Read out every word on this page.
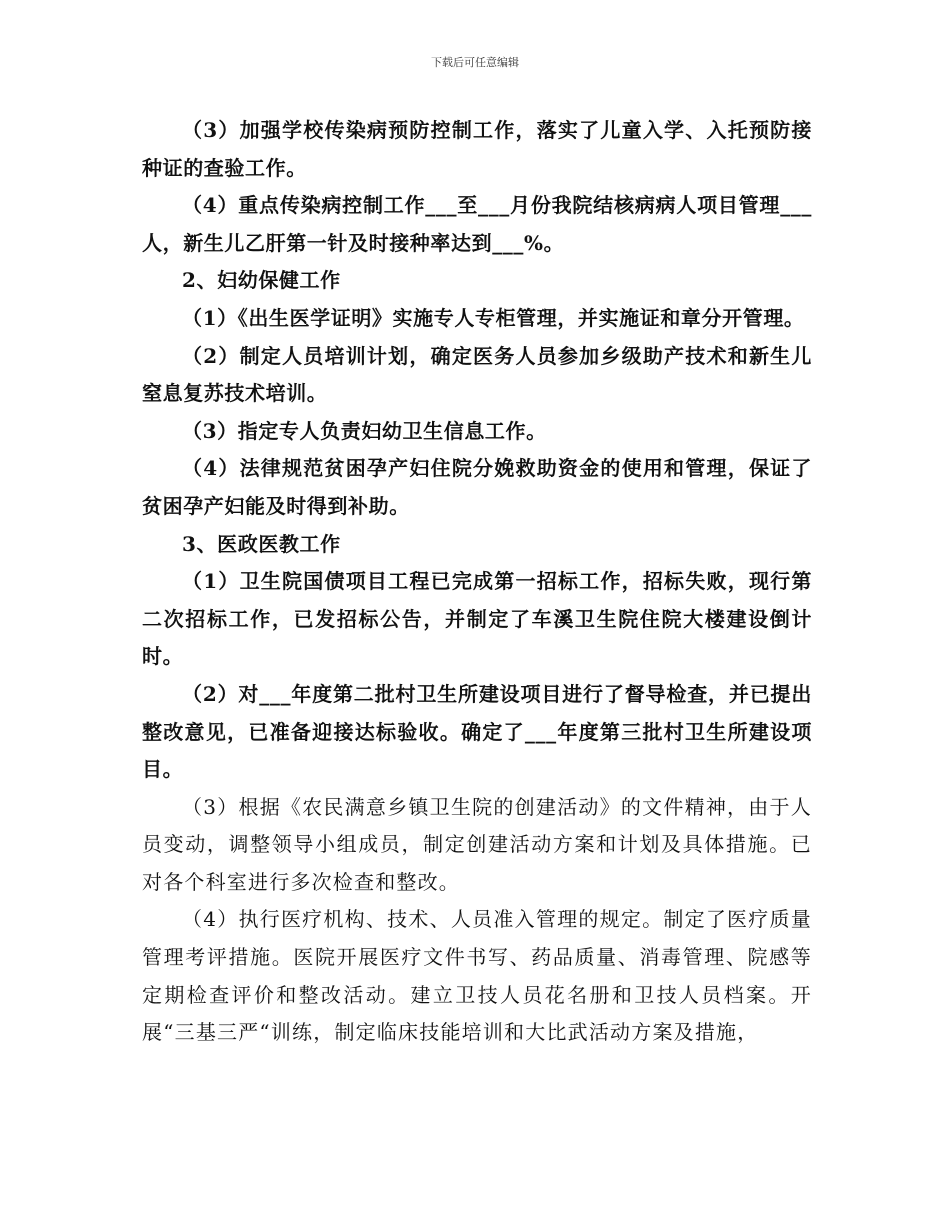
下载后可任意编辑

（3）加强学校传染病预防控制工作，落实了儿童入学、入托预防接种证的查验工作。

（4）重点传染病控制工作___至___月份我院结核病病人项目管理___人，新生儿乙肝第一针及时接种率达到___%。

2、妇幼保健工作

（1）《出生医学证明》实施专人专柜管理，并实施证和章分开管理。

（2）制定人员培训计划，确定医务人员参加乡级助产技术和新生儿窒息复苏技术培训。

（3）指定专人负责妇幼卫生信息工作。

（4）法律规范贫困孕产妇住院分娩救助资金的使用和管理，保证了贫困孕产妇能及时得到补助。

3、医政医教工作

（1）卫生院国债项目工程已完成第一招标工作，招标失败，现行第二次招标工作，已发招标公告，并制定了车溪卫生院住院大楼建设倒计时。

（2）对___年度第二批村卫生所建设项目进行了督导检查，并已提出整改意见，已准备迎接达标验收。确定了___年度第三批村卫生所建设项目。

（3）根据《农民满意乡镇卫生院的创建活动》的文件精神，由于人员变动，调整领导小组成员，制定创建活动方案和计划及具体措施。已对各个科室进行多次检查和整改。

（4）执行医疗机构、技术、人员准入管理的规定。制定了医疗质量管理考评措施。医院开展医疗文件书写、药品质量、消毒管理、院感等定期检查评价和整改活动。建立卫技人员花名册和卫技人员档案。开展“三基三严“训练，制定临床技能培训和大比武活动方案及措施，
